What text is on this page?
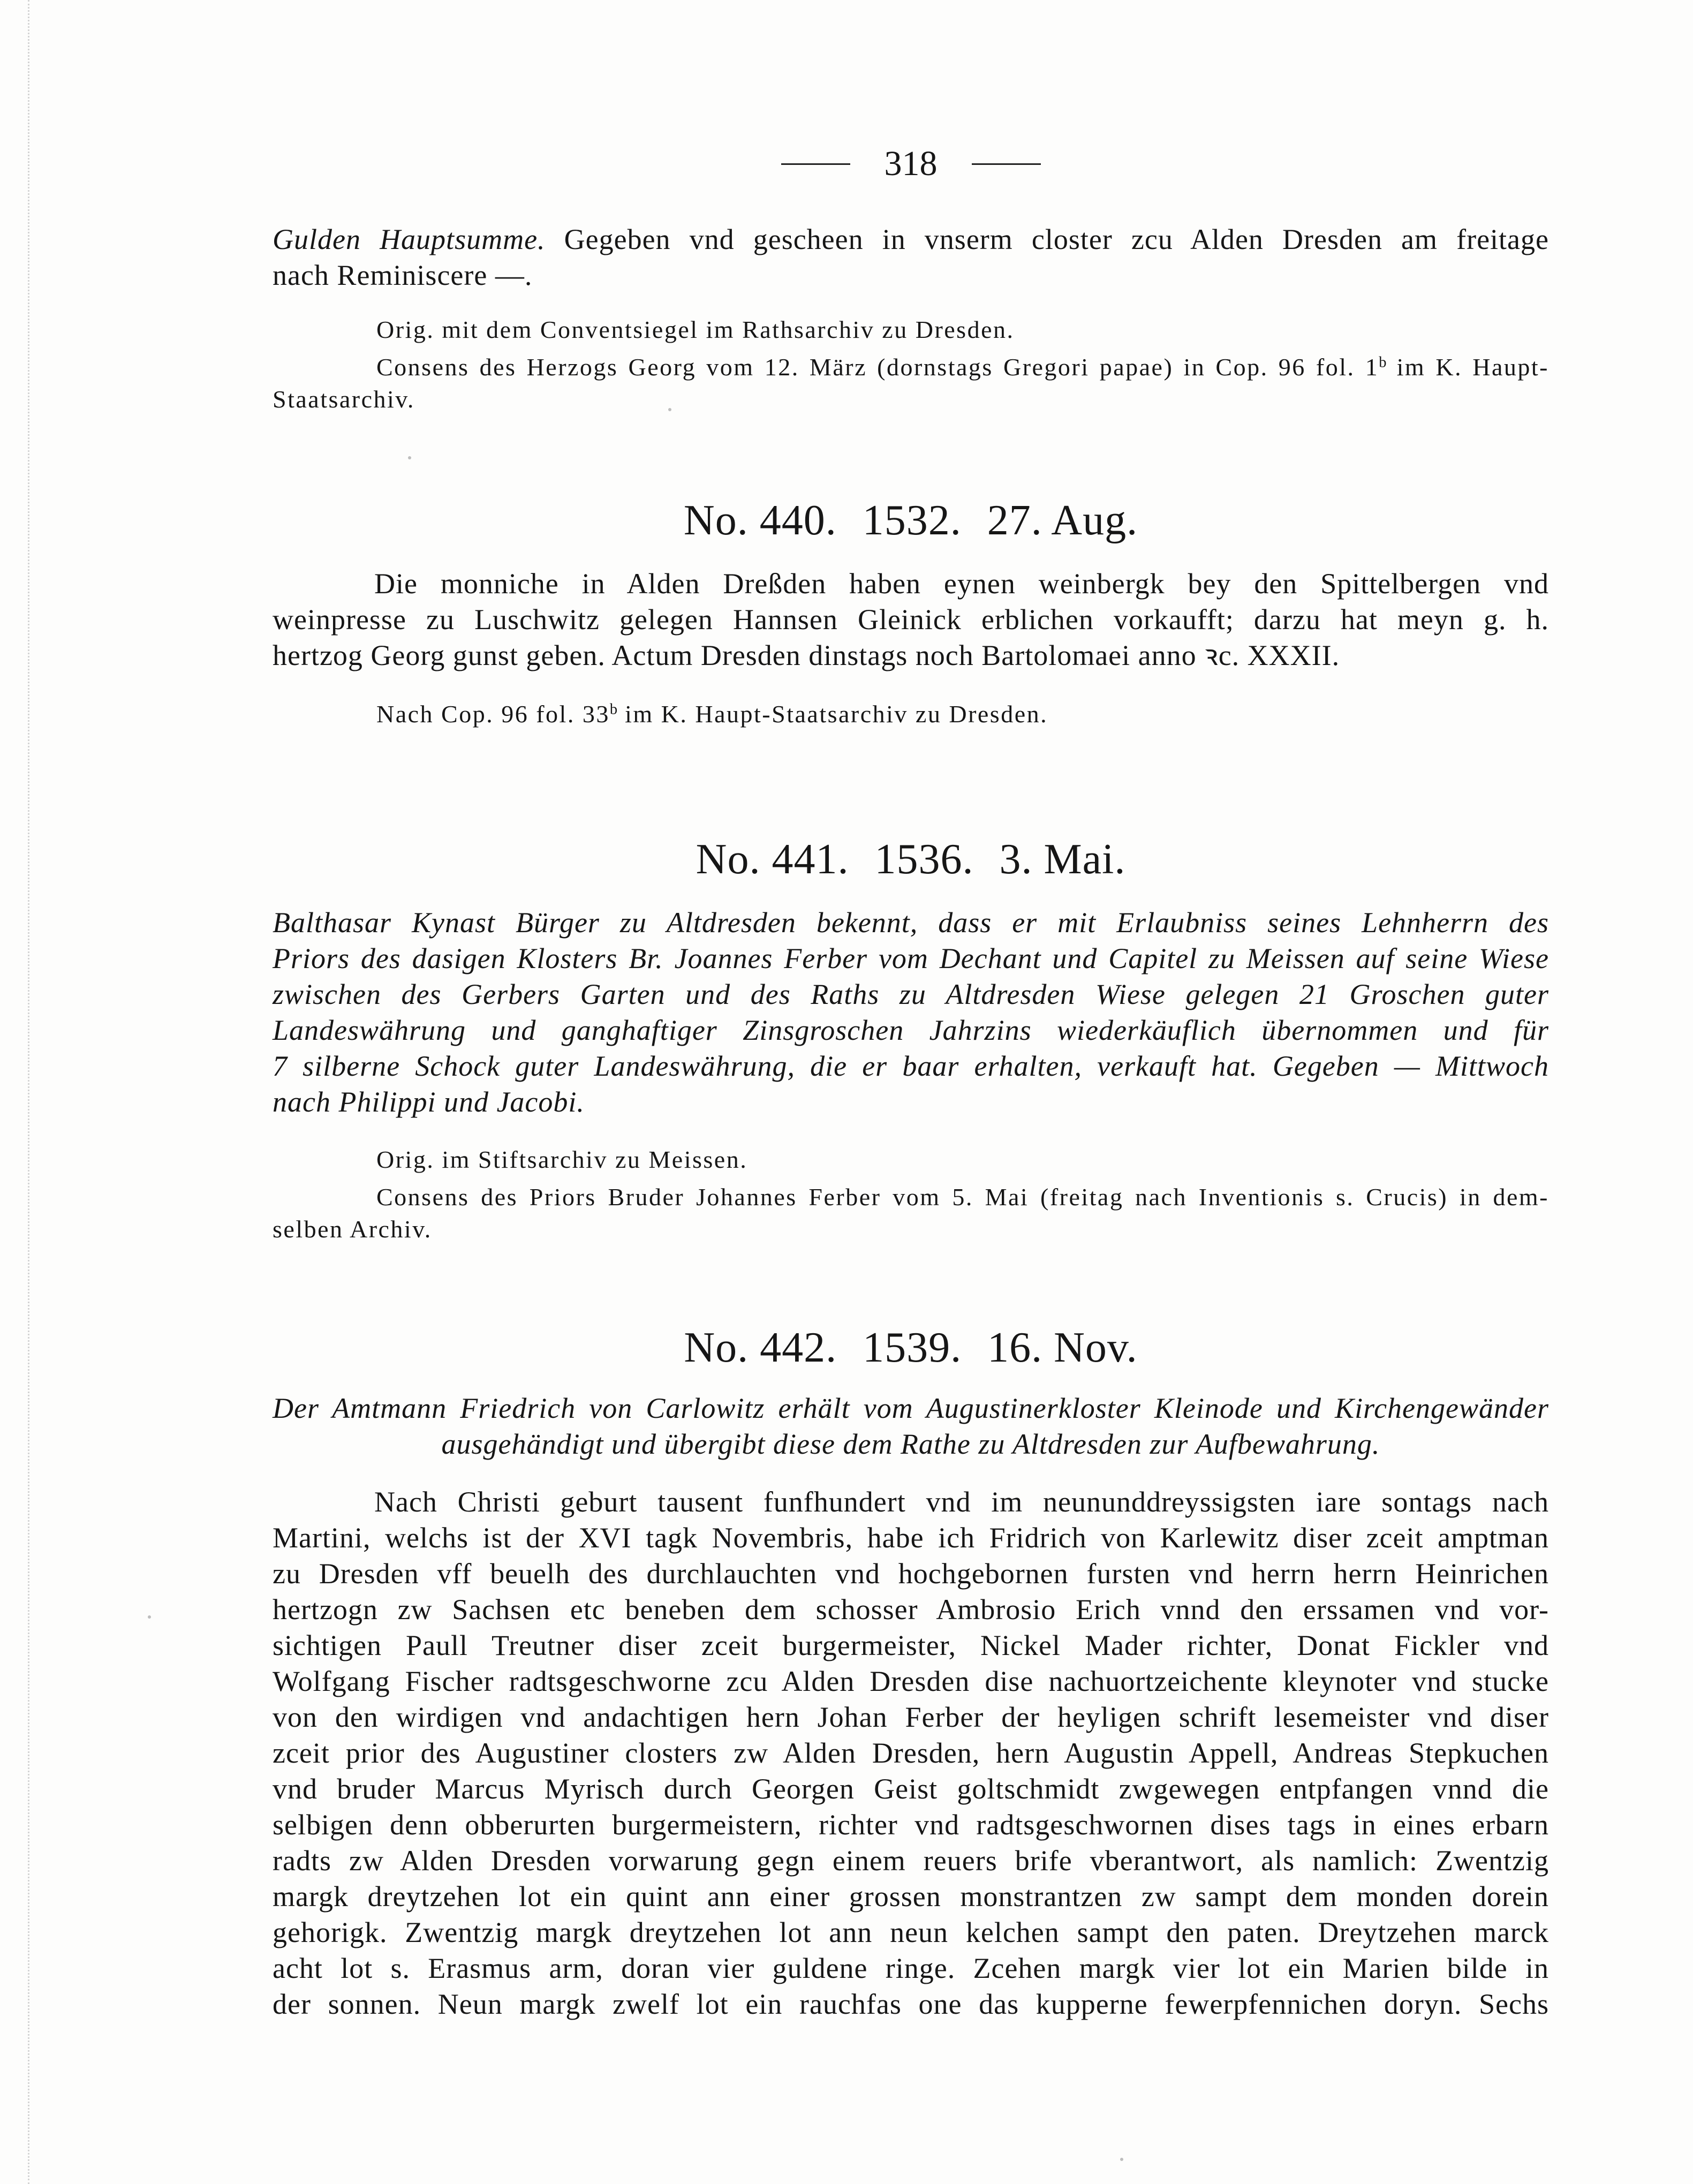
318
Gulden Hauptsumme. Gegeben vnd gescheen in vnserm closter zcu Alden Dresden am freitage
nach Reminiscere —.
Orig. mit dem Conventsiegel im Rathsarchiv zu Dresden.
Consens des Herzogs Georg vom 12. März (dornstags Gregori papae) in Cop. 96 fol. 1$^b$ im K. Haupt-
Staatsarchiv.
No. 440. 1532. 27. Aug.
Die monniche in Alden Dreßden haben eynen weinbergk bey den Spittelbergen vnd
weinpresse zu Luschwitz gelegen Hannsen Gleinick erblichen vorkaufft; darzu hat meyn g. h.
hertzog Georg gunst geben. Actum Dresden dinstags noch Bartolomaei anno ꝛc. XXXII.
Nach Cop. 96 fol. 33$^b$ im K. Haupt-Staatsarchiv zu Dresden.
No. 441. 1536. 3. Mai.
Balthasar Kynast Bürger zu Altdresden bekennt, dass er mit Erlaubniss seines Lehnherrn des
Priors des dasigen Klosters Br. Joannes Ferber vom Dechant und Capitel zu Meissen auf seine Wiese
zwischen des Gerbers Garten und des Raths zu Altdresden Wiese gelegen 21 Groschen guter
Landeswährung und ganghaftiger Zinsgroschen Jahrzins wiederkäuflich übernommen und für
7 silberne Schock guter Landeswährung, die er baar erhalten, verkauft hat. Gegeben — Mittwoch
nach Philippi und Jacobi.
Orig. im Stiftsarchiv zu Meissen.
Consens des Priors Bruder Johannes Ferber vom 5. Mai (freitag nach Inventionis s. Crucis) in dem-
selben Archiv.
No. 442. 1539. 16. Nov.
Der Amtmann Friedrich von Carlowitz erhält vom Augustinerkloster Kleinode und Kirchengewänder
ausgehändigt und übergibt diese dem Rathe zu Altdresden zur Aufbewahrung.
Nach Christi geburt tausent funfhundert vnd im neununddreyssigsten iare sontags nach
Martini, welchs ist der XVI tagk Novembris, habe ich Fridrich von Karlewitz diser zceit amptman
zu Dresden vff beuelh des durchlauchten vnd hochgebornen fursten vnd herrn herrn Heinrichen
hertzogn zw Sachsen etc beneben dem schosser Ambrosio Erich vnnd den erssamen vnd vor-
sichtigen Paull Treutner diser zceit burgermeister, Nickel Mader richter, Donat Fickler vnd
Wolfgang Fischer radtsgeschworne zcu Alden Dresden dise nachuortzeichente kleynoter vnd stucke
von den wirdigen vnd andachtigen hern Johan Ferber der heyligen schrift lesemeister vnd diser
zceit prior des Augustiner closters zw Alden Dresden, hern Augustin Appell, Andreas Stepkuchen
vnd bruder Marcus Myrisch durch Georgen Geist goltschmidt zwgewegen entpfangen vnnd die
selbigen denn obberurten burgermeistern, richter vnd radtsgeschwornen dises tags in eines erbarn
radts zw Alden Dresden vorwarung gegn einem reuers brife vberantwort, als namlich: Zwentzig
margk dreytzehen lot ein quint ann einer grossen monstrantzen zw sampt dem monden dorein
gehorigk. Zwentzig margk dreytzehen lot ann neun kelchen sampt den paten. Dreytzehen marck
acht lot s. Erasmus arm, doran vier guldene ringe. Zcehen margk vier lot ein Marien bilde in
der sonnen. Neun margk zwelf lot ein rauchfas one das kupperne fewerpfennichen doryn. Sechs
